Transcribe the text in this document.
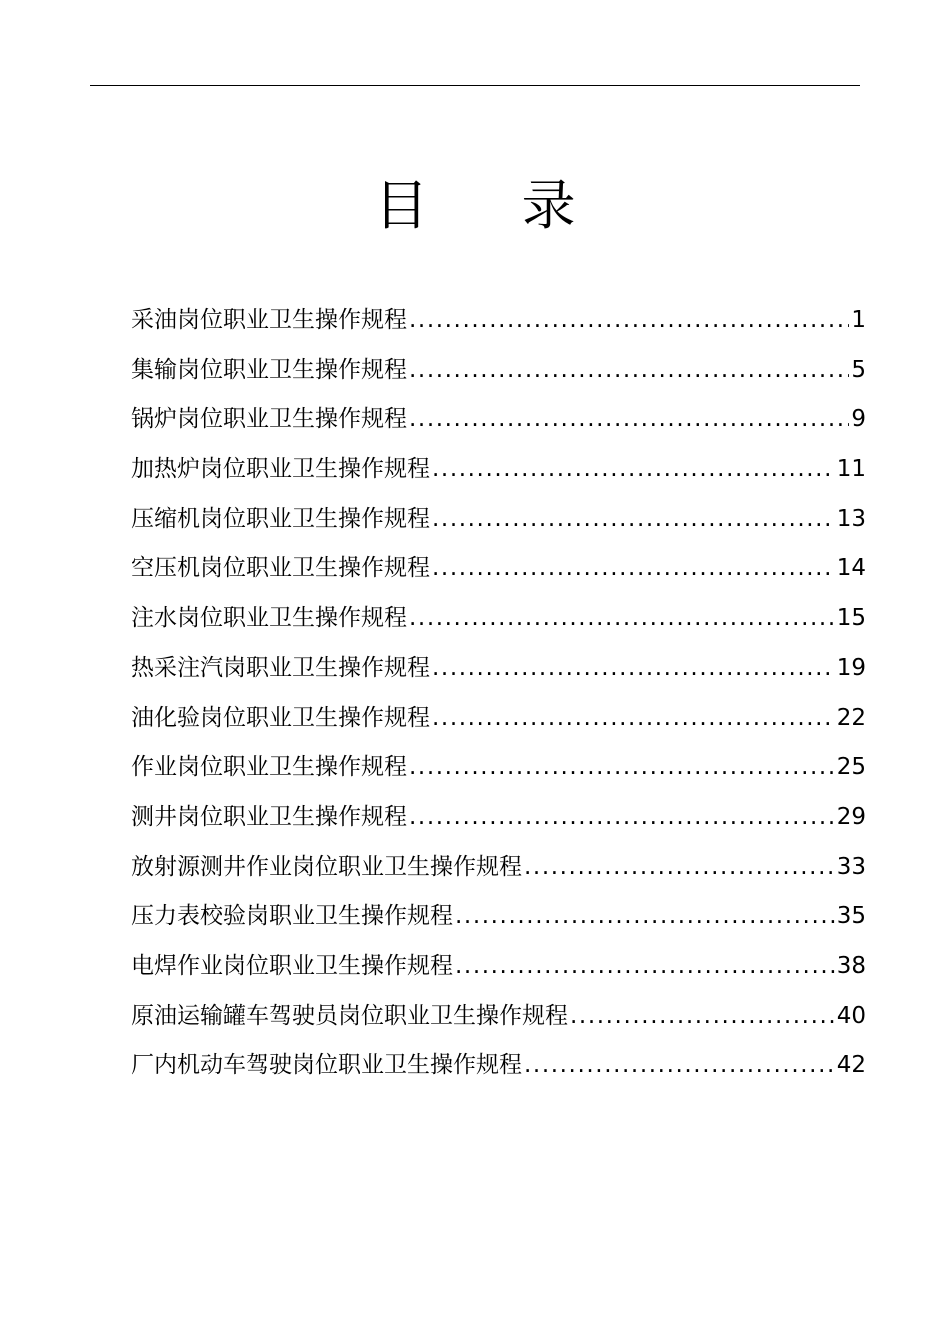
目 录
采油岗位职业卫生操作规程 .....	1
集输岗位职业卫生操作规程 .....	5
锅炉岗位职业卫生操作规程 .....	9
加热炉岗位职业卫生操作规程 .....	11
压缩机岗位职业卫生操作规程 .....	13
空压机岗位职业卫生操作规程 .....	14
注水岗位职业卫生操作规程 .....	15
热采注汽岗职业卫生操作规程 .....	19
油化验岗位职业卫生操作规程 .....	22
作业岗位职业卫生操作规程 .....	25
测井岗位职业卫生操作规程 .....	29
放射源测井作业岗位职业卫生操作规程 .....	33
压力表校验岗职业卫生操作规程 .....	35
电焊作业岗位职业卫生操作规程 .....	38
原油运输罐车驾驶员岗位职业卫生操作规程 .....	40
厂内机动车驾驶岗位职业卫生操作规程 .....	42
